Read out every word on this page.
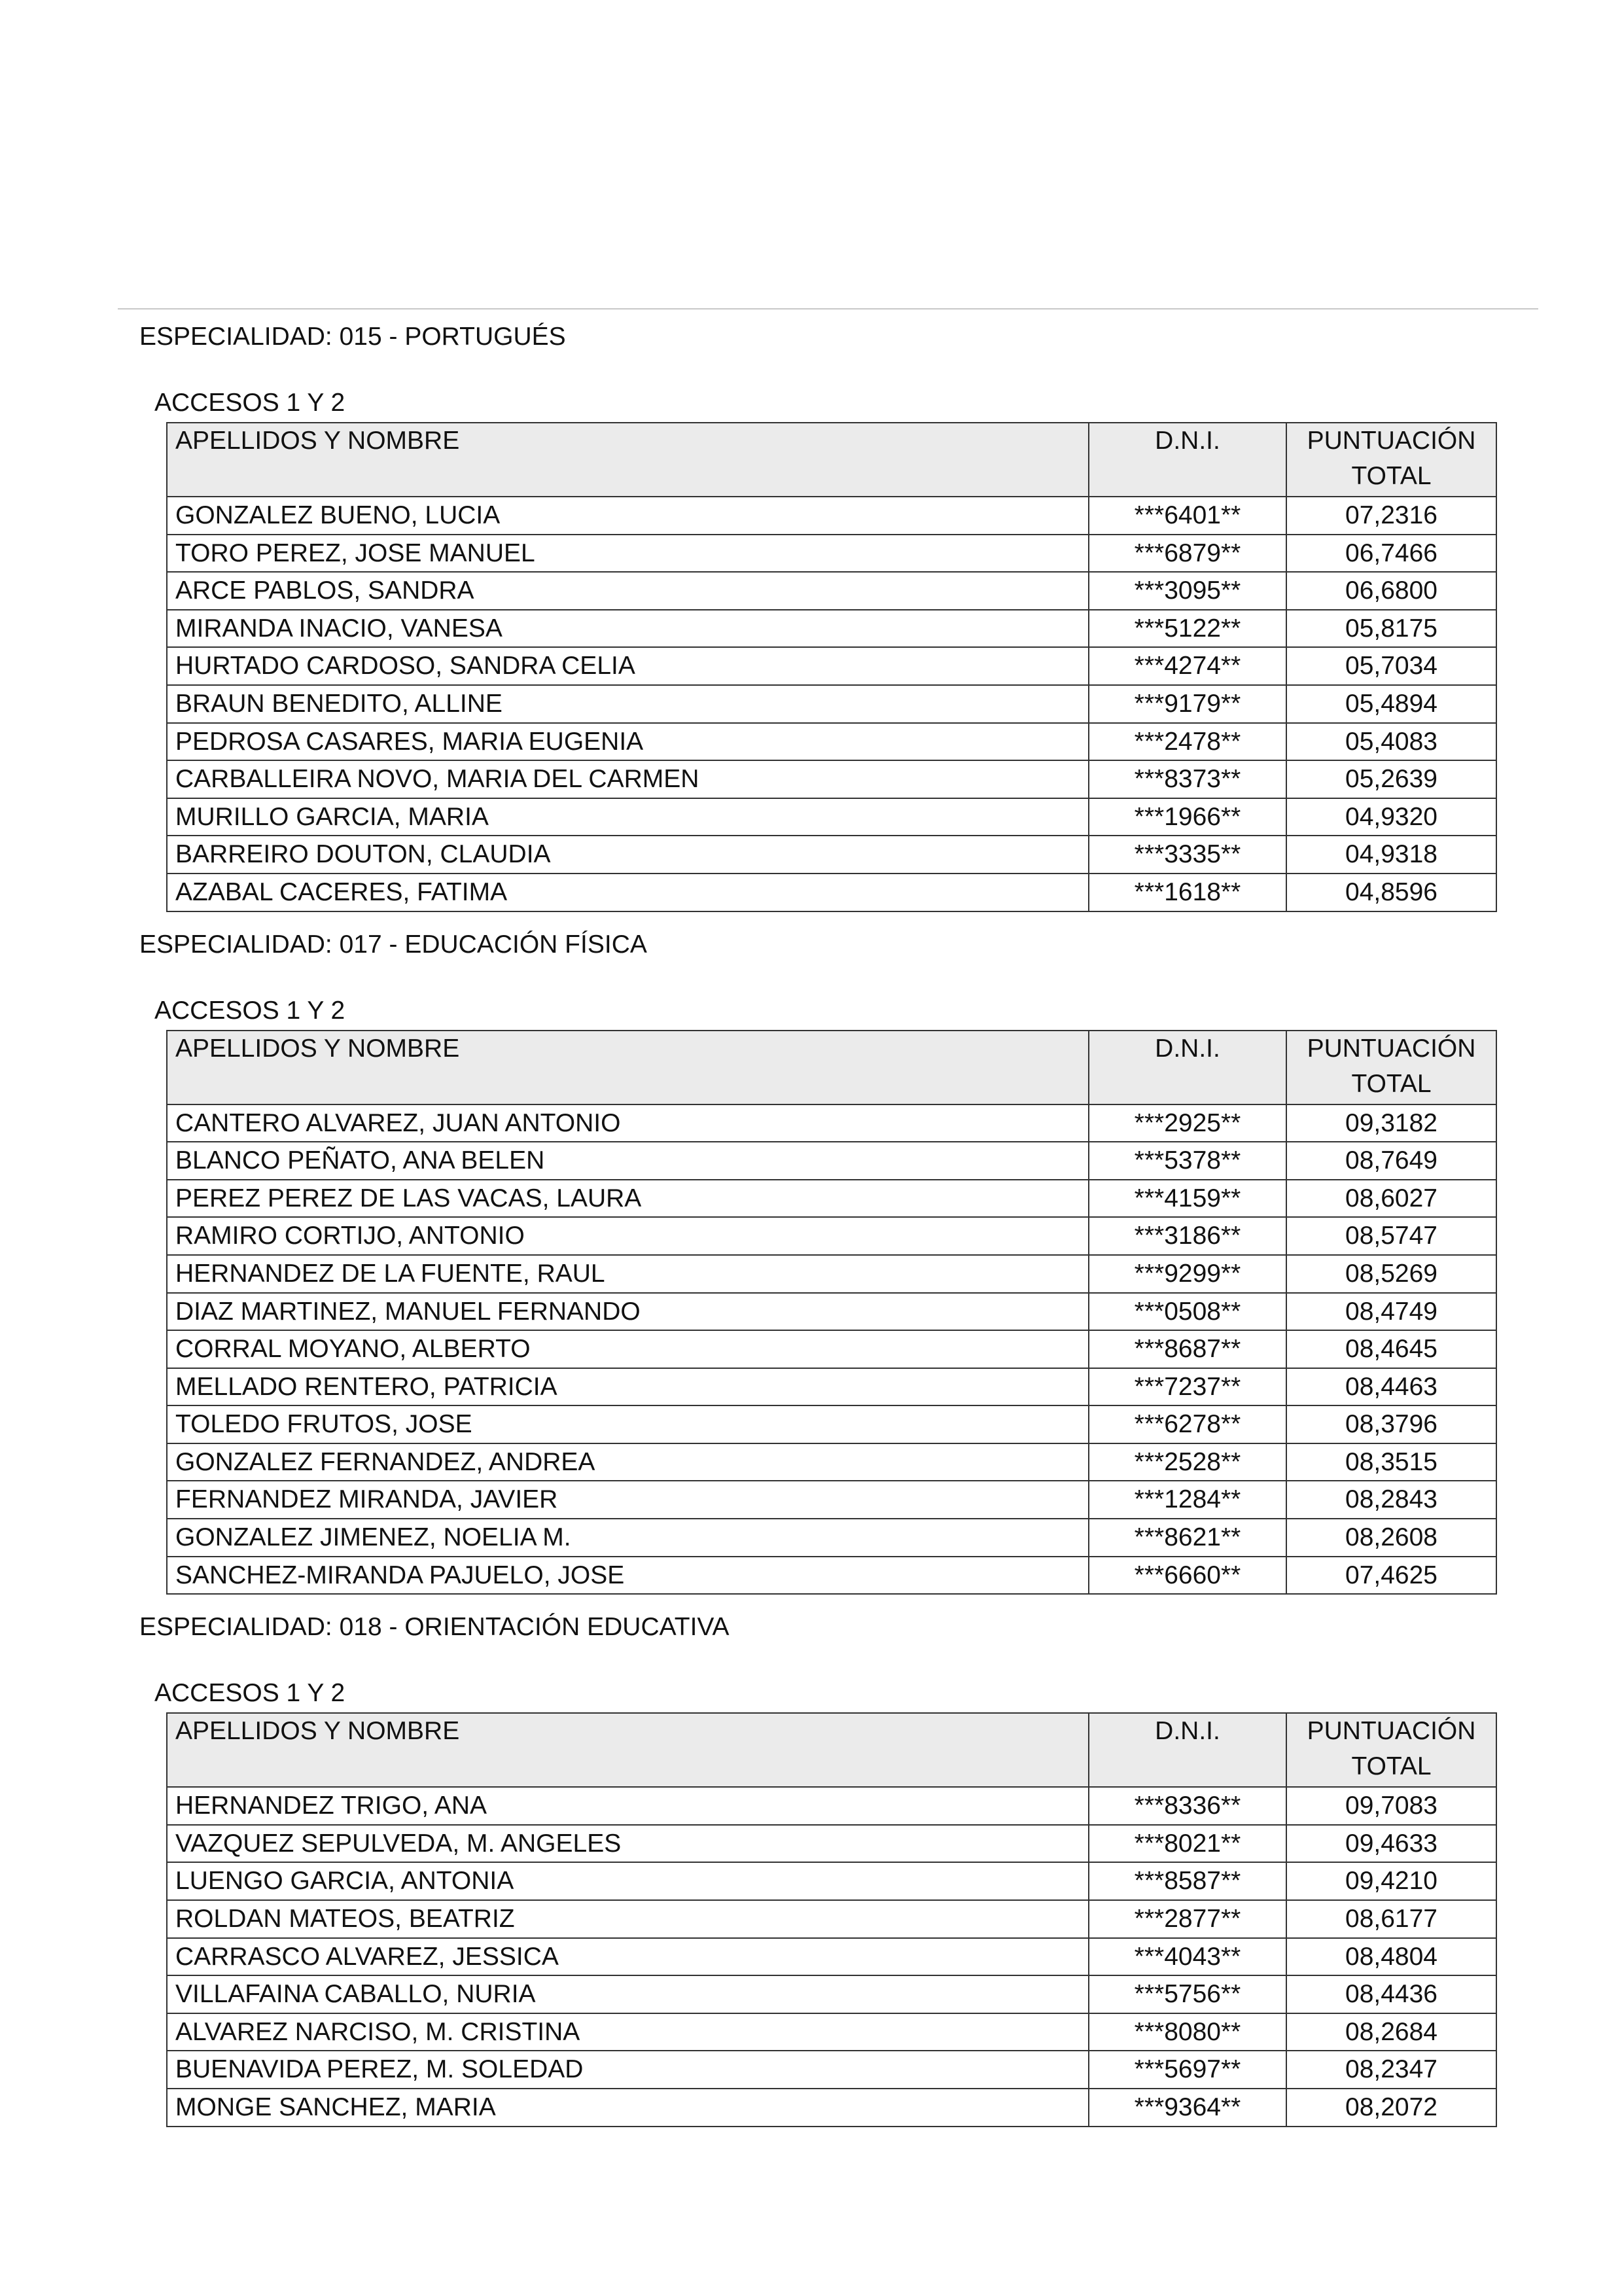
ESPECIALIDAD: 015 - PORTUGUÉS
ACCESOS 1 Y 2
APELLIDOS Y NOMBRE	D.N.I.	PUNTUACIÓN
TOTAL
GONZALEZ BUENO, LUCIA	***6401**	07,2316
TORO PEREZ, JOSE MANUEL	***6879**	06,7466
ARCE PABLOS, SANDRA	***3095**	06,6800
MIRANDA INACIO, VANESA	***5122**	05,8175
HURTADO CARDOSO, SANDRA CELIA	***4274**	05,7034
BRAUN BENEDITO, ALLINE	***9179**	05,4894
PEDROSA CASARES, MARIA EUGENIA	***2478**	05,4083
CARBALLEIRA NOVO, MARIA DEL CARMEN	***8373**	05,2639
MURILLO GARCIA, MARIA	***1966**	04,9320
BARREIRO DOUTON, CLAUDIA	***3335**	04,9318
AZABAL CACERES, FATIMA	***1618**	04,8596
ESPECIALIDAD: 017 - EDUCACIÓN FÍSICA
ACCESOS 1 Y 2
APELLIDOS Y NOMBRE	D.N.I.	PUNTUACIÓN
TOTAL
CANTERO ALVAREZ, JUAN ANTONIO	***2925**	09,3182
BLANCO PEÑATO, ANA BELEN	***5378**	08,7649
PEREZ PEREZ DE LAS VACAS, LAURA	***4159**	08,6027
RAMIRO CORTIJO, ANTONIO	***3186**	08,5747
HERNANDEZ DE LA FUENTE, RAUL	***9299**	08,5269
DIAZ MARTINEZ, MANUEL FERNANDO	***0508**	08,4749
CORRAL MOYANO, ALBERTO	***8687**	08,4645
MELLADO RENTERO, PATRICIA	***7237**	08,4463
TOLEDO FRUTOS, JOSE	***6278**	08,3796
GONZALEZ FERNANDEZ, ANDREA	***2528**	08,3515
FERNANDEZ MIRANDA, JAVIER	***1284**	08,2843
GONZALEZ JIMENEZ, NOELIA M.	***8621**	08,2608
SANCHEZ-MIRANDA PAJUELO, JOSE	***6660**	07,4625
ESPECIALIDAD: 018 - ORIENTACIÓN EDUCATIVA
ACCESOS 1 Y 2
APELLIDOS Y NOMBRE	D.N.I.	PUNTUACIÓN
TOTAL
HERNANDEZ TRIGO, ANA	***8336**	09,7083
VAZQUEZ SEPULVEDA, M. ANGELES	***8021**	09,4633
LUENGO GARCIA, ANTONIA	***8587**	09,4210
ROLDAN MATEOS, BEATRIZ	***2877**	08,6177
CARRASCO ALVAREZ, JESSICA	***4043**	08,4804
VILLAFAINA CABALLO, NURIA	***5756**	08,4436
ALVAREZ NARCISO, M. CRISTINA	***8080**	08,2684
BUENAVIDA PEREZ, M. SOLEDAD	***5697**	08,2347
MONGE SANCHEZ, MARIA	***9364**	08,2072
